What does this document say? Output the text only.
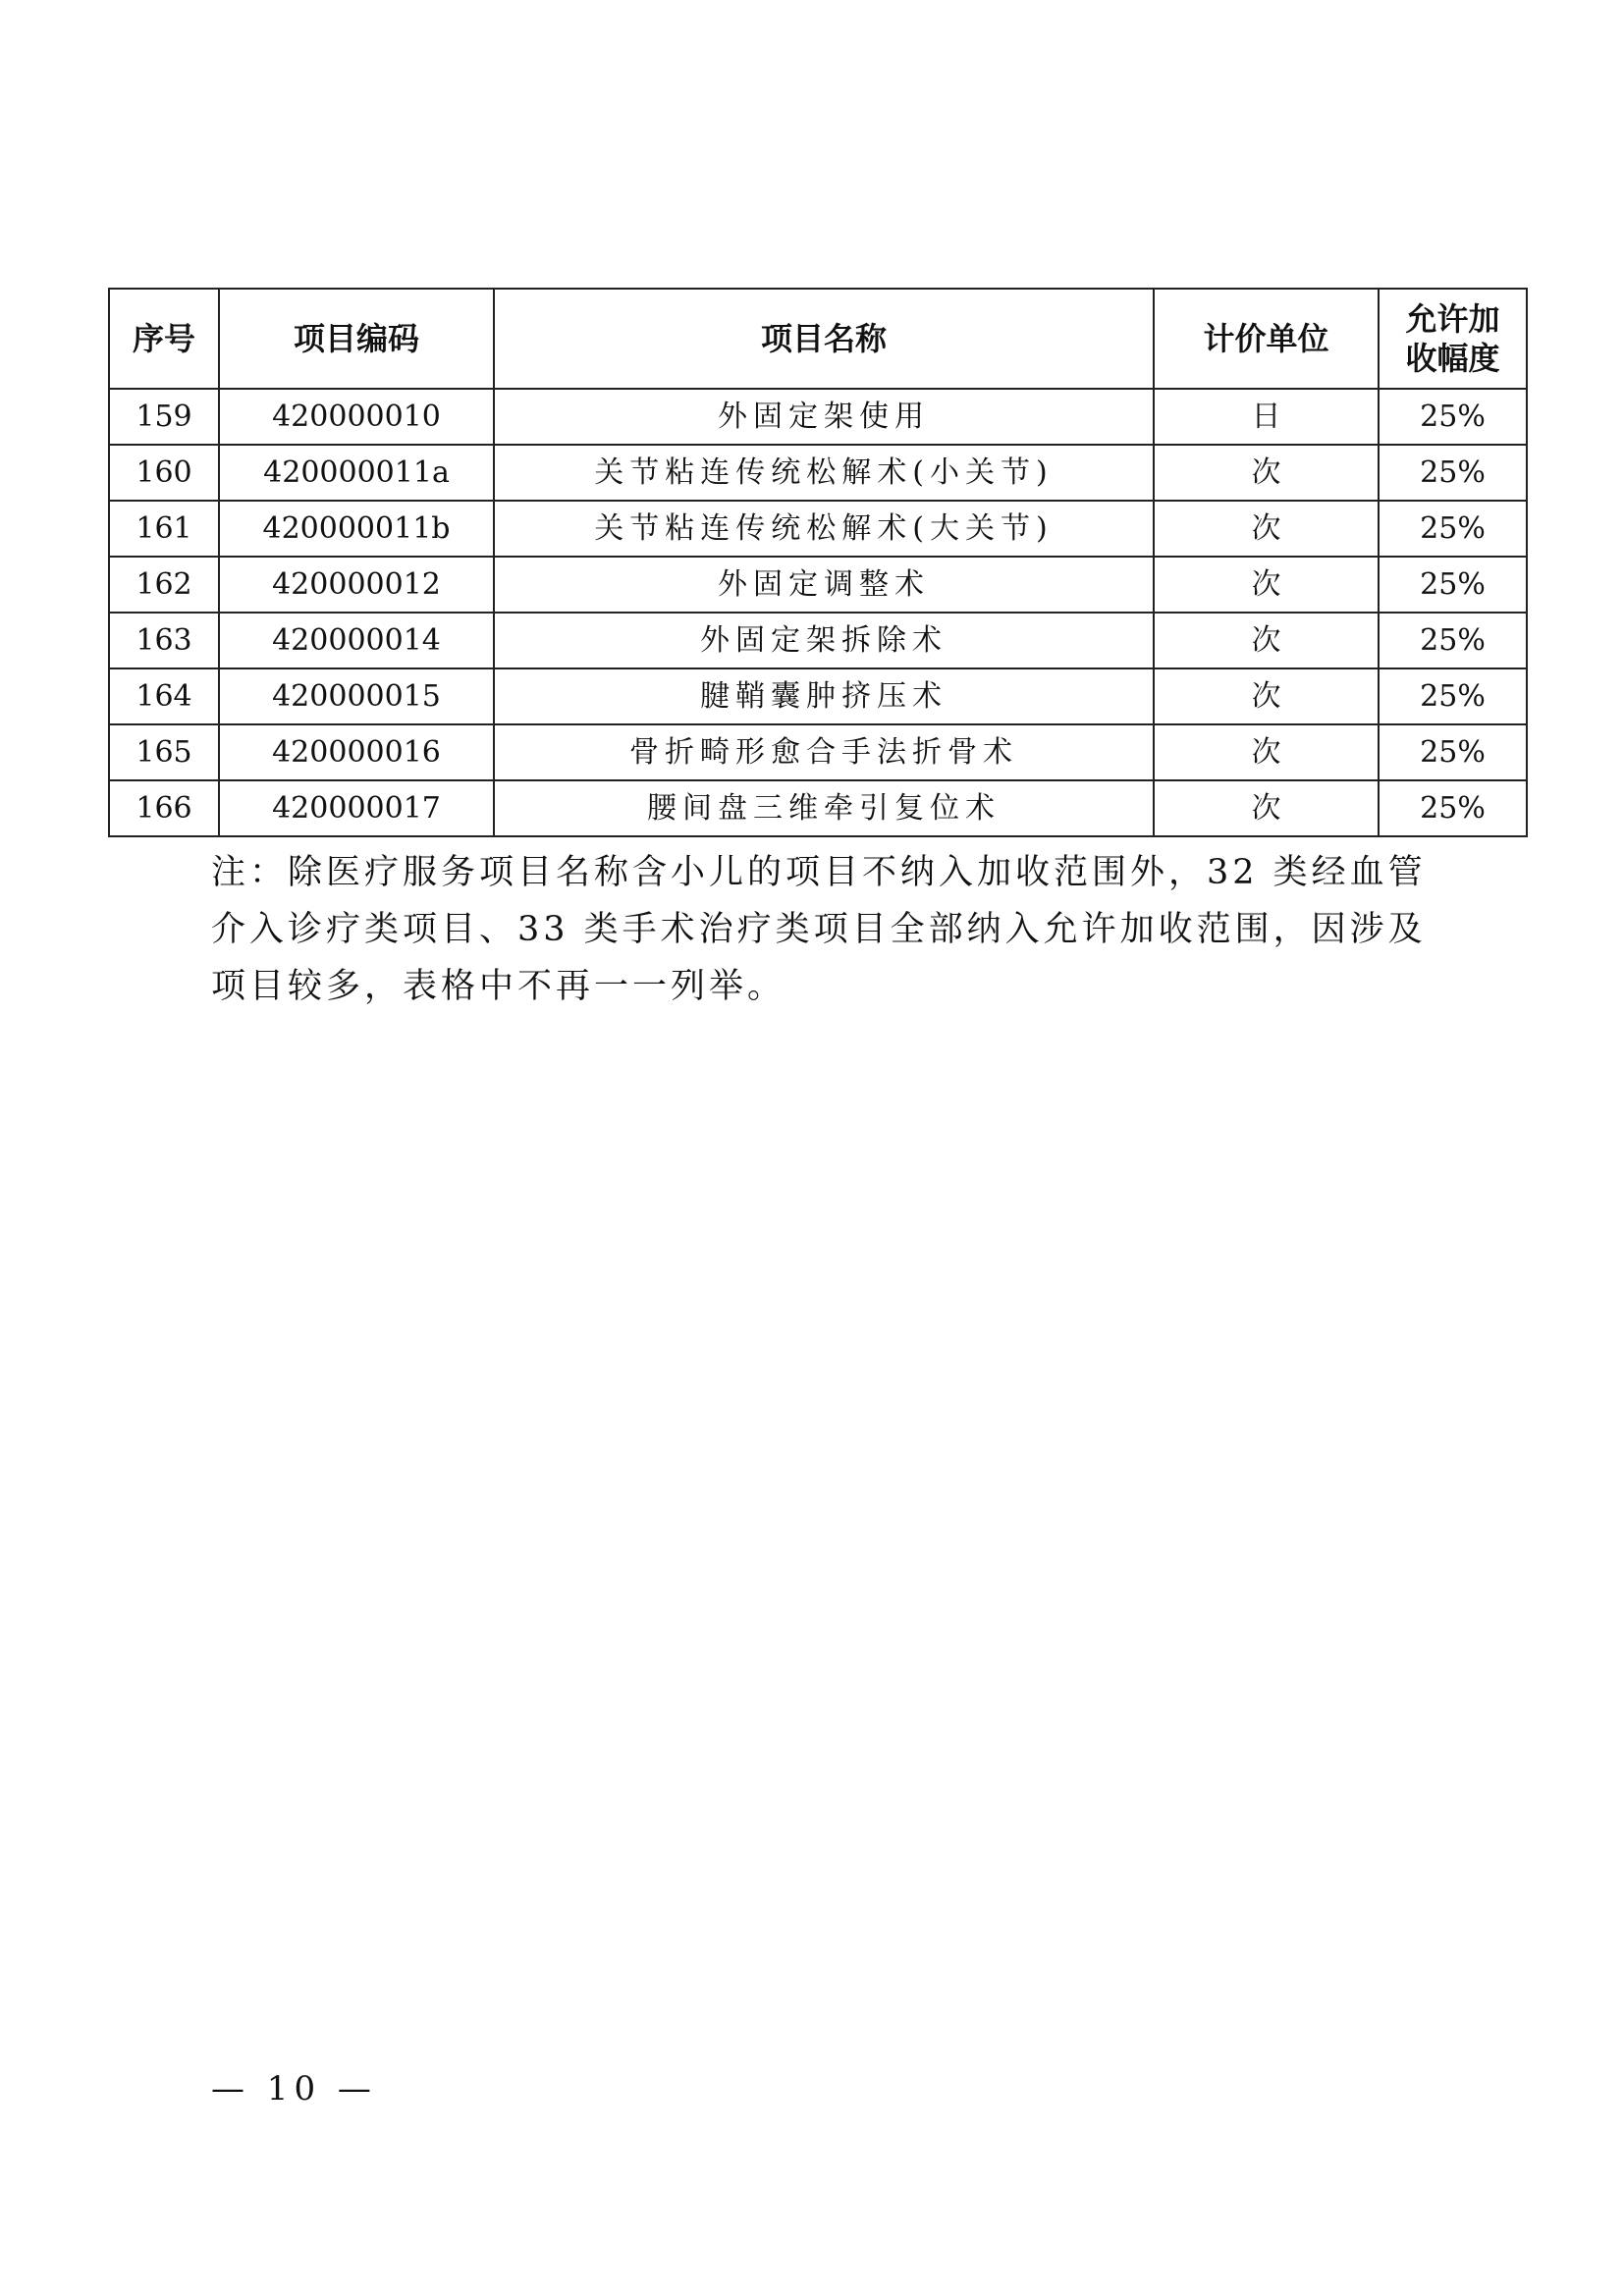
序号	项目编码	项目名称	计价单位	允许加
收幅度

159	420000010	外固定架使用	日	25%
160	420000011a	关节粘连传统松解术(小关节)	次	25%
161	420000011b	关节粘连传统松解术(大关节)	次	25%
162	420000012	外固定调整术	次	25%
163	420000014	外固定架拆除术	次	25%
164	420000015	腱鞘囊肿挤压术	次	25%
165	420000016	骨折畸形愈合手法折骨术	次	25%
166	420000017	腰间盘三维牵引复位术	次	25%
注：除医疗服务项目名称含小儿的项目不纳入加收范围外，32 类经血管
介入诊疗类项目、33 类手术治疗类项目全部纳入允许加收范围，因涉及
项目较多，表格中不再一一列举。
— 10 —
